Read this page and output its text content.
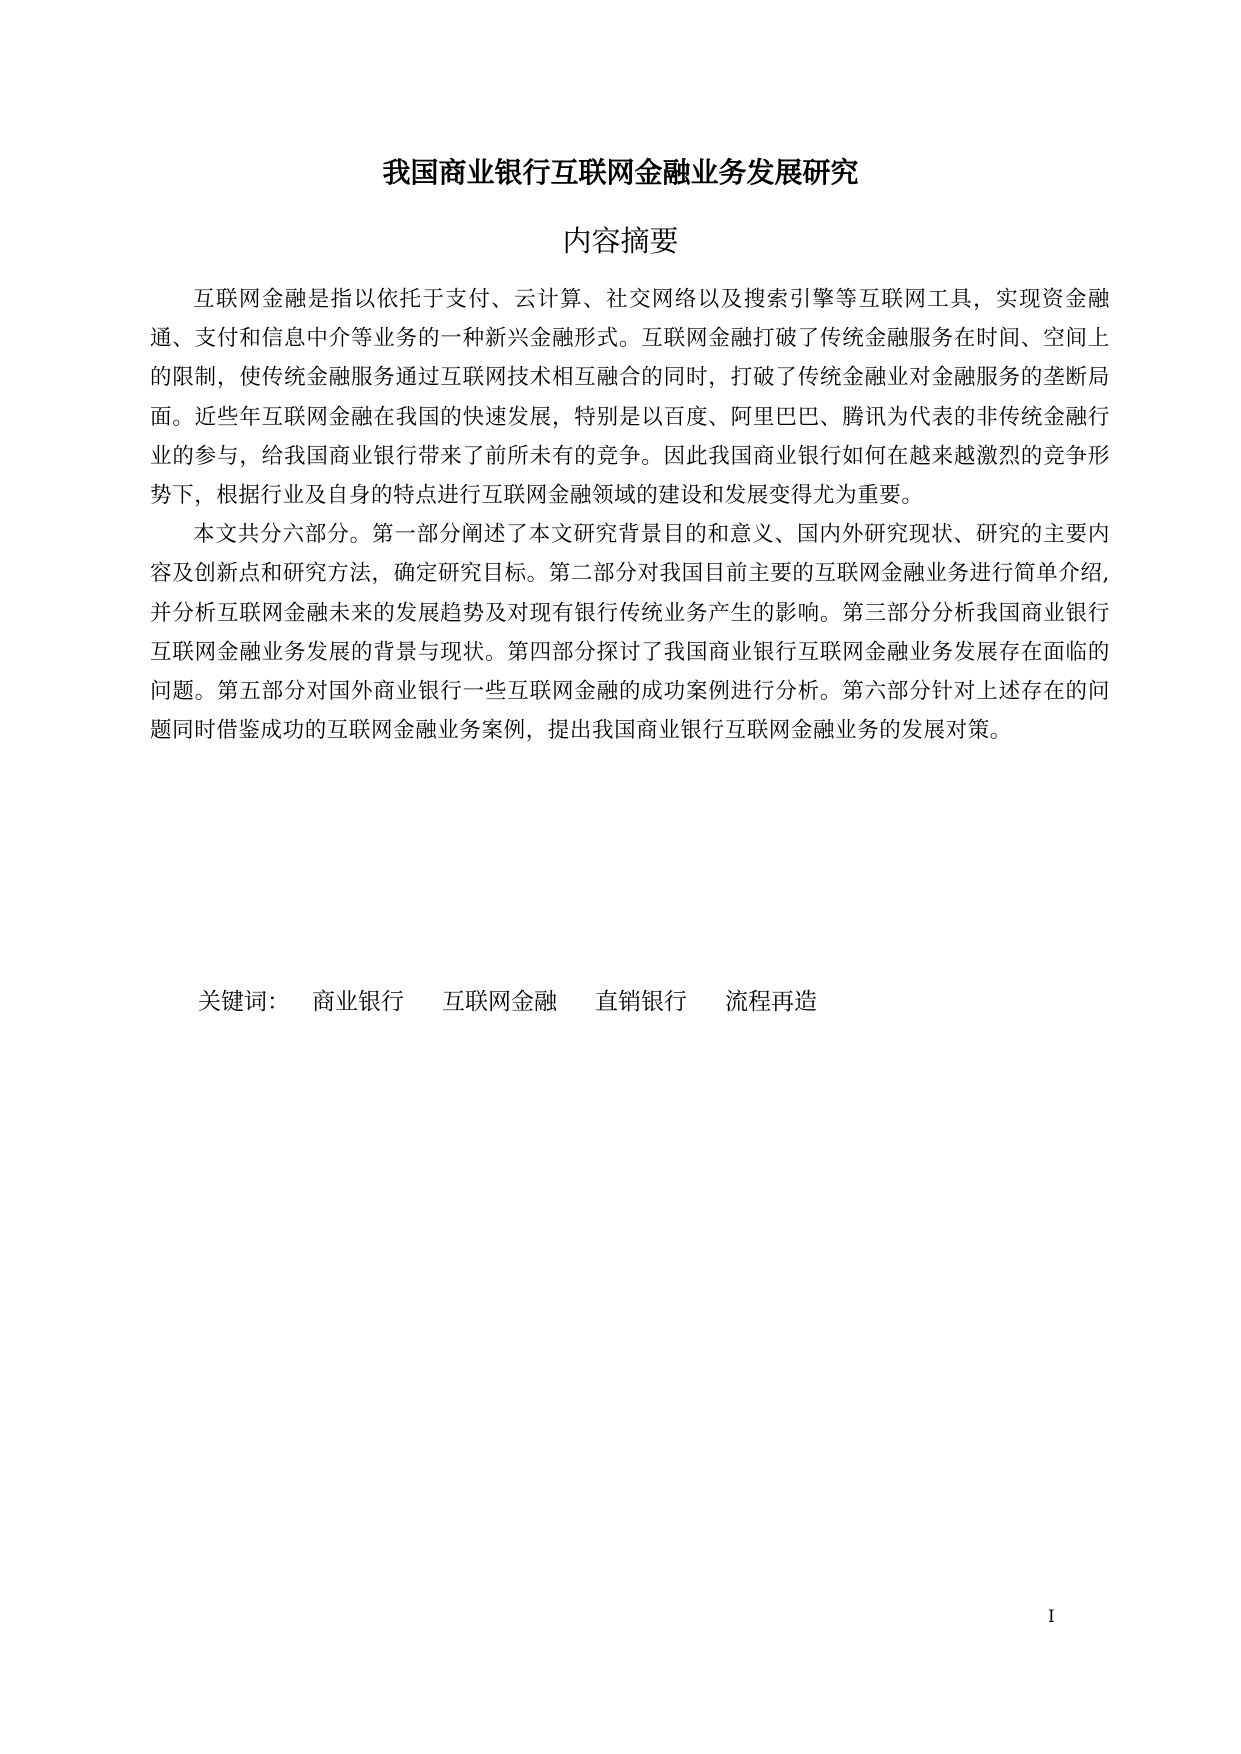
我国商业银行互联网金融业务发展研究
内容摘要

互联网金融是指以依托于支付、云计算、社交网络以及搜索引擎等互联网工具，实现资金融通、支付和信息中介等业务的一种新兴金融形式。互联网金融打破了传统金融服务在时间、空间上的限制，使传统金融服务通过互联网技术相互融合的同时，打破了传统金融业对金融服务的垄断局面。近些年互联网金融在我国的快速发展，特别是以百度、阿里巴巴、腾讯为代表的非传统金融行业的参与，给我国商业银行带来了前所未有的竞争。因此我国商业银行如何在越来越激烈的竞争形势下，根据行业及自身的特点进行互联网金融领域的建设和发展变得尤为重要。

本文共分六部分。第一部分阐述了本文研究背景目的和意义、国内外研究现状、研究的主要内容及创新点和研究方法，确定研究目标。第二部分对我国目前主要的互联网金融业务进行简单介绍,并分析互联网金融未来的发展趋势及对现有银行传统业务产生的影响。第三部分分析我国商业银行互联网金融业务发展的背景与现状。第四部分探讨了我国商业银行互联网金融业务发展存在面临的问题。第五部分对国外商业银行一些互联网金融的成功案例进行分析。第六部分针对上述存在的问题同时借鉴成功的互联网金融业务案例，提出我国商业银行互联网金融业务的发展对策。

关键词： 商业银行 互联网金融 直销银行 流程再造
I
